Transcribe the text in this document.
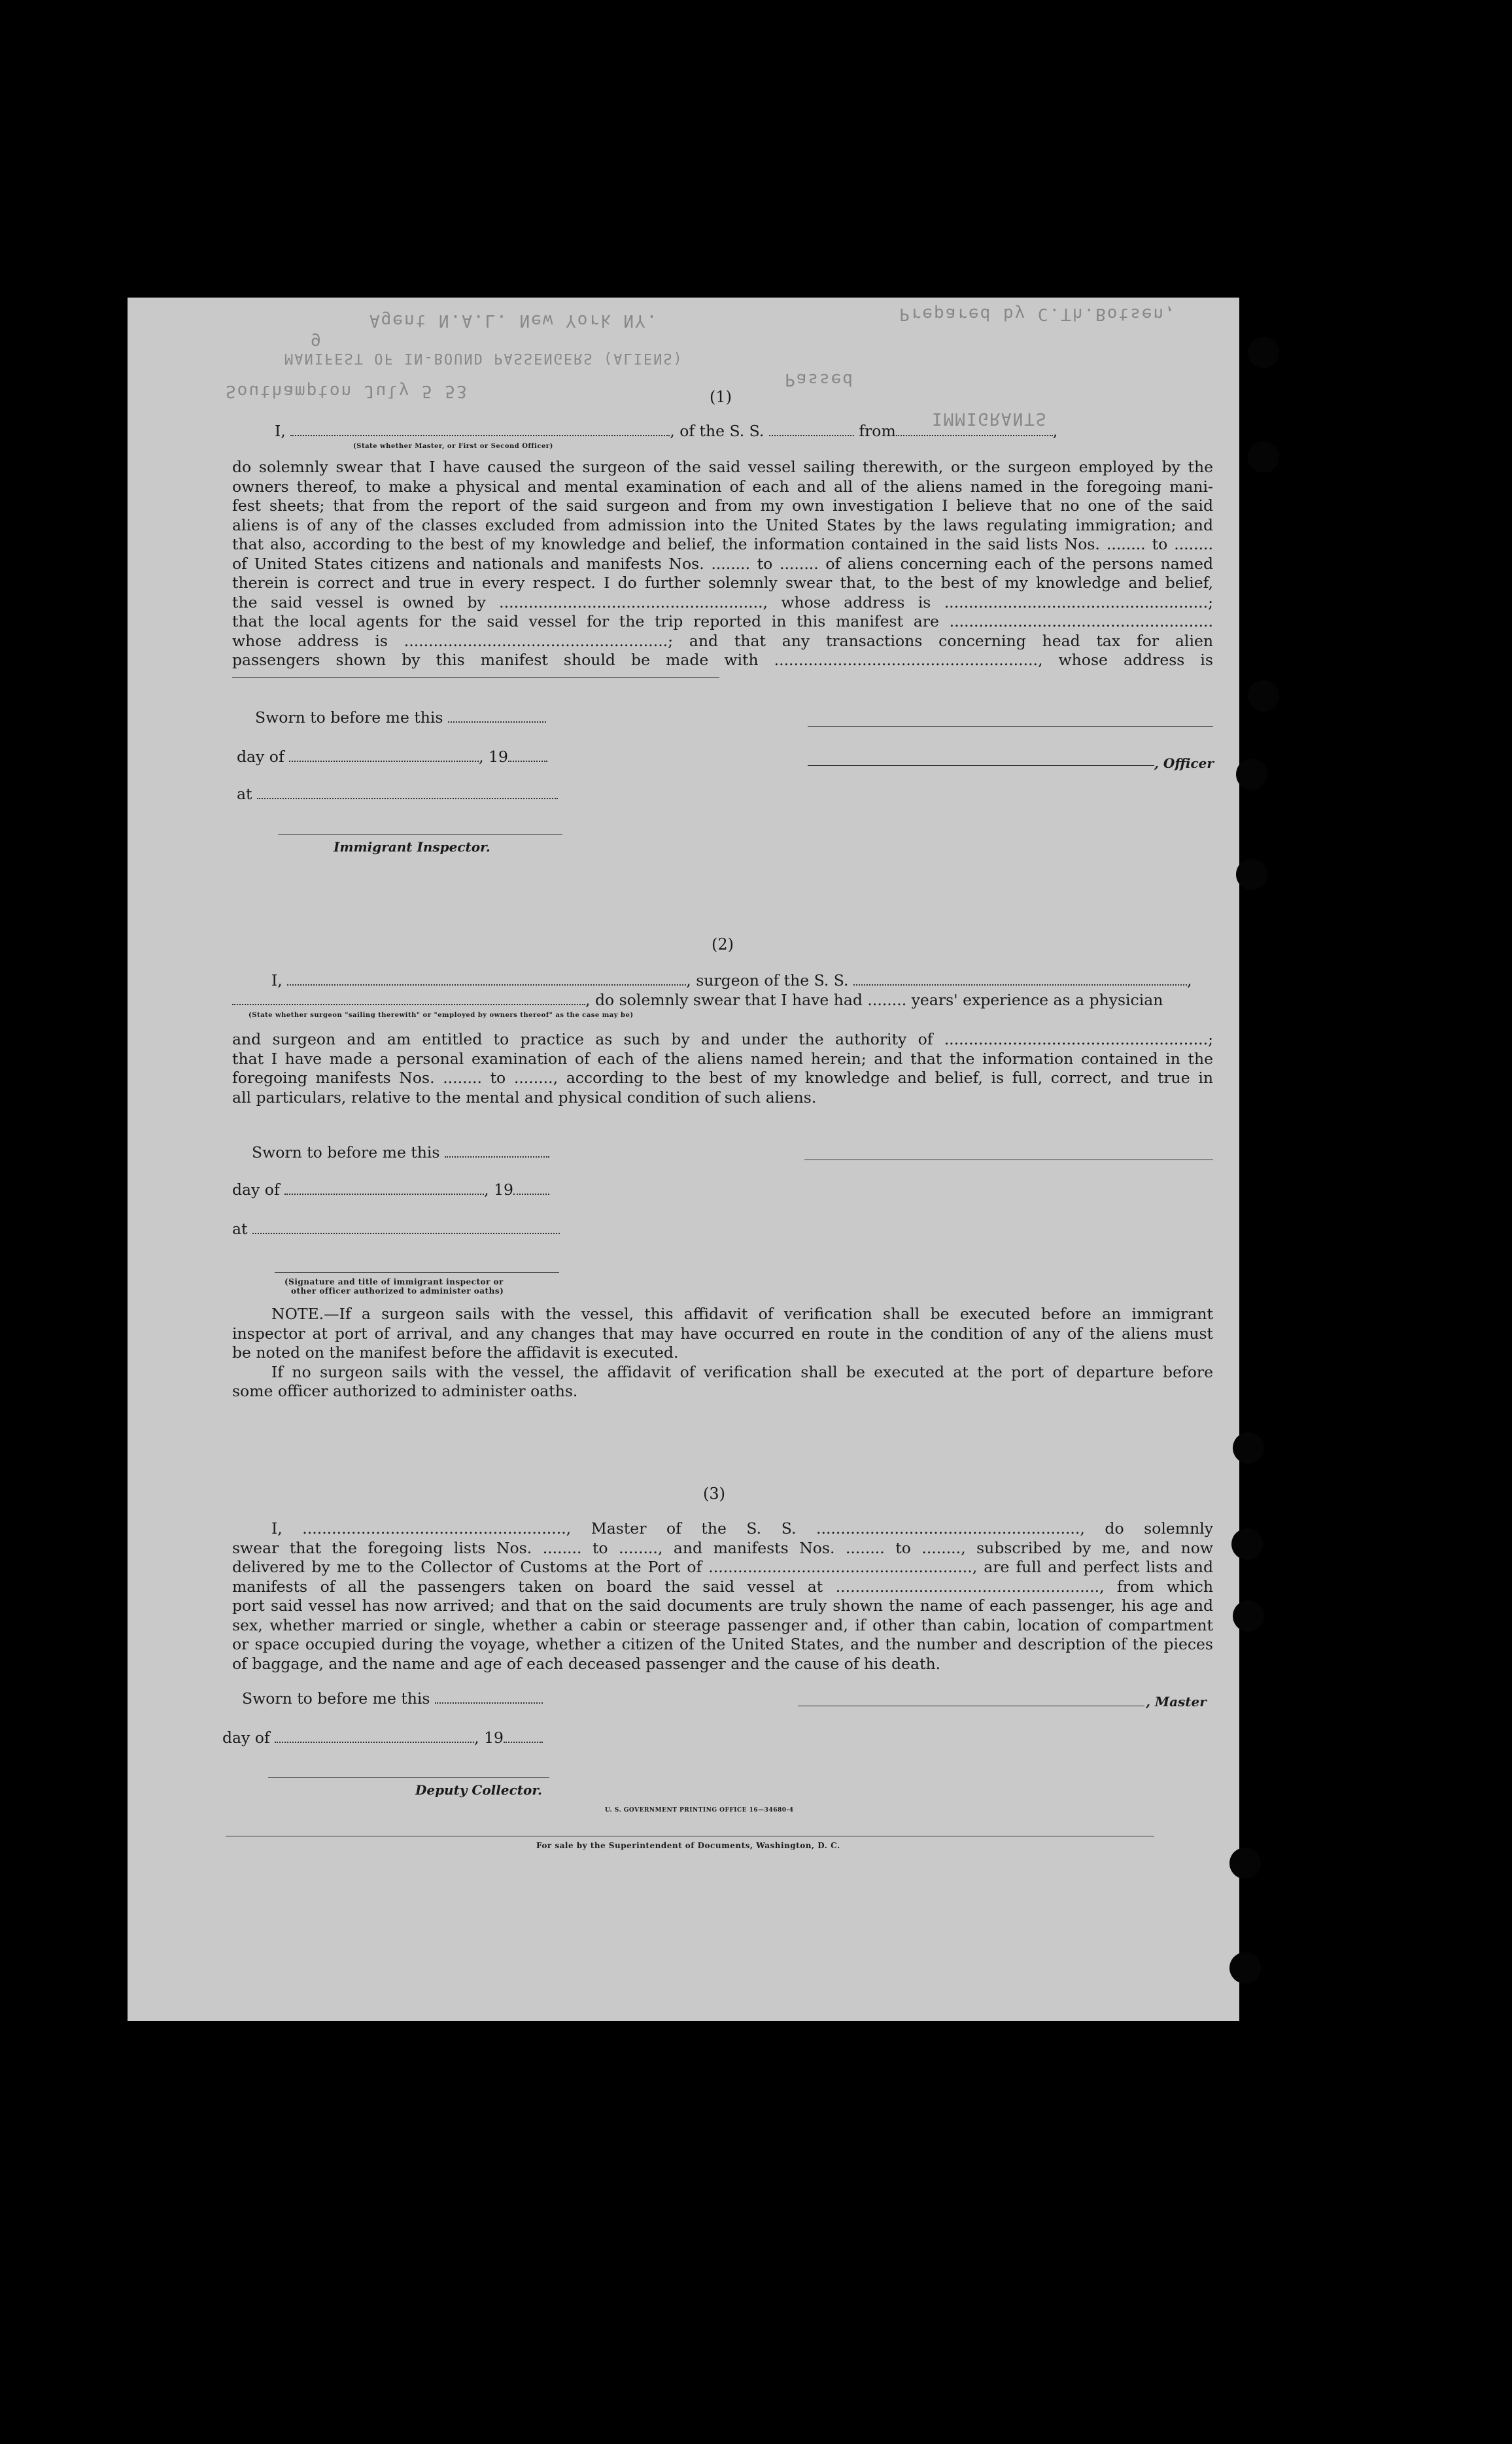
Prepared by C.Th.Botsen,
Agent N.A.L. New York NY.
MANIFEST OF IN-BOUND PASSENGERS (ALIENS)
Southampton July 5 53
IMMIGRANTS
9
Passed
(1)
I,	, of the S. S.	from	,
(State whether Master, or First or Second Officer)
do solemnly swear that I have caused the surgeon of the said vessel sailing therewith, or the surgeon employed by the
owners thereof, to make a physical and mental examination of each and all of the aliens named in the foregoing mani-
fest sheets; that from the report of the said surgeon and from my own investigation I believe that no one of the said
aliens is of any of the classes excluded from admission into the United States by the laws regulating immigration; and
that also, according to the best of my knowledge and belief, the information contained in the said lists Nos. ........ to ........
of United States citizens and nationals and manifests Nos. ........ to ........ of aliens concerning each of the persons named
therein is correct and true in every respect. I do further solemnly swear that, to the best of my knowledge and belief,
the said vessel is owned by ......................................................, whose address is ......................................................;
that the local agents for the said vessel for the trip reported in this manifest are ......................................................
whose address is ......................................................; and that any transactions concerning head tax for alien
passengers shown by this manifest should be made with ......................................................, whose address is
Sworn to before me this
day of	, 19	, Officer
at
Immigrant Inspector.
(2)
I,	, surgeon of the S. S.	,
, do solemnly swear that I have had ........ years' experience as a physician
(State whether surgeon "sailing therewith" or "employed by owners thereof" as the case may be)
and surgeon and am entitled to practice as such by and under the authority of ......................................................;
that I have made a personal examination of each of the aliens named herein; and that the information contained in the
foregoing manifests Nos. ........ to ........, according to the best of my knowledge and belief, is full, correct, and true in
all particulars, relative to the mental and physical condition of such aliens.
Sworn to before me this
day of	, 19
at
(Signature and title of immigrant inspector or
other officer authorized to administer oaths)
NOTE.—If a surgeon sails with the vessel, this affidavit of verification shall be executed before an immigrant
inspector at port of arrival, and any changes that may have occurred en route in the condition of any of the aliens must
be noted on the manifest before the affidavit is executed.
If no surgeon sails with the vessel, the affidavit of verification shall be executed at the port of departure before
some officer authorized to administer oaths.
(3)
I, ......................................................, Master of the S. S. ......................................................, do solemnly
swear that the foregoing lists Nos. ........ to ........, and manifests Nos. ........ to ........, subscribed by me, and now
delivered by me to the Collector of Customs at the Port of ......................................................, are full and perfect lists and
manifests of all the passengers taken on board the said vessel at ......................................................, from which
port said vessel has now arrived; and that on the said documents are truly shown the name of each passenger, his age and
sex, whether married or single, whether a cabin or steerage passenger and, if other than cabin, location of compartment
or space occupied during the voyage, whether a citizen of the United States, and the number and description of the pieces
of baggage, and the name and age of each deceased passenger and the cause of his death.
Sworn to before me this	, Master
day of	, 19
Deputy Collector.
U. S. GOVERNMENT PRINTING OFFICE 16—34680-4
For sale by the Superintendent of Documents, Washington, D. C.
